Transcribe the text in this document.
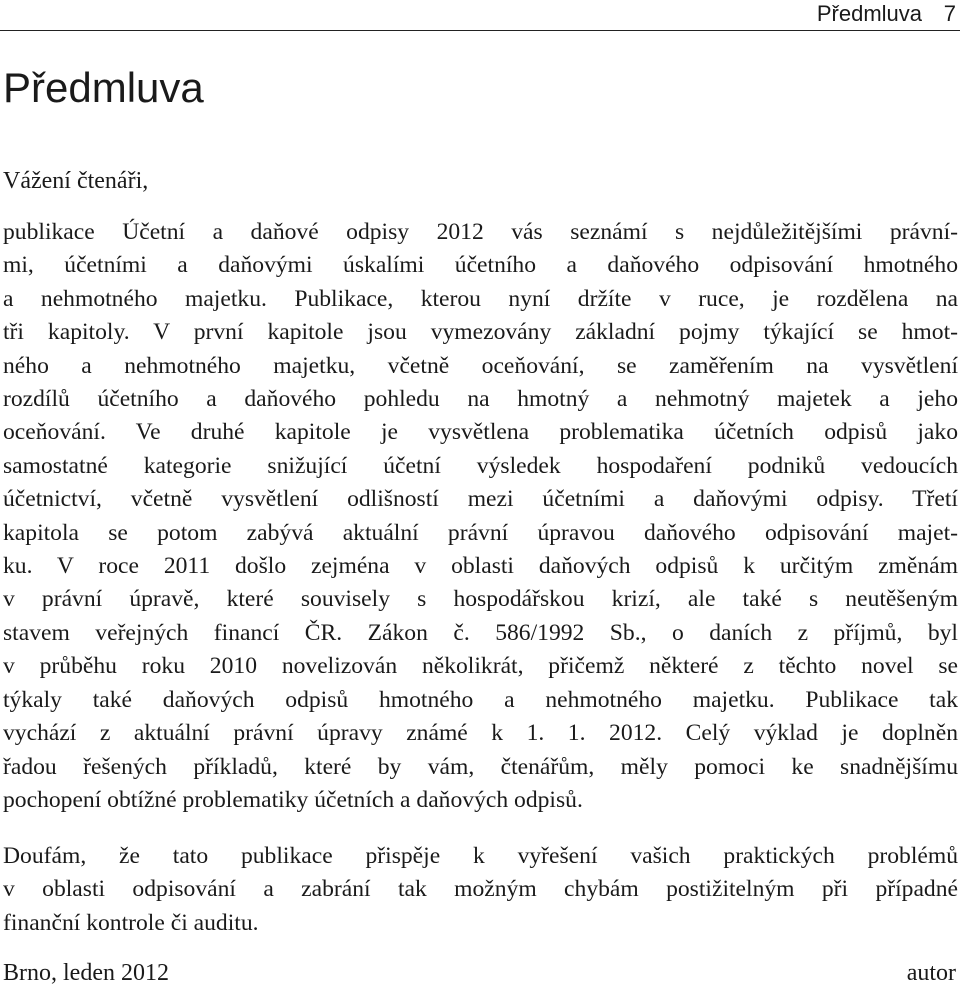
Předmluva 7
Předmluva
Vážení čtenáři,
publikace Účetní a daňové odpisy 2012 vás seznámí s nejdůležitějšími právní-
mi, účetními a daňovými úskalími účetního a daňového odpisování hmotného
a nehmotného majetku. Publikace, kterou nyní držíte v ruce, je rozdělena na
tři kapitoly. V první kapitole jsou vymezovány základní pojmy týkající se hmot-
ného a nehmotného majetku, včetně oceňování, se zaměřením na vysvětlení
rozdílů účetního a daňového pohledu na hmotný a nehmotný majetek a jeho
oceňování. Ve druhé kapitole je vysvětlena problematika účetních odpisů jako
samostatné kategorie snižující účetní výsledek hospodaření podniků vedoucích
účetnictví, včetně vysvětlení odlišností mezi účetními a daňovými odpisy. Třetí
kapitola se potom zabývá aktuální právní úpravou daňového odpisování majet-
ku. V roce 2011 došlo zejména v oblasti daňových odpisů k určitým změnám
v právní úpravě, které souvisely s hospodářskou krizí, ale také s neutěšeným
stavem veřejných financí ČR. Zákon č. 586/1992 Sb., o daních z příjmů, byl
v průběhu roku 2010 novelizován několikrát, přičemž některé z těchto novel se
týkaly také daňových odpisů hmotného a nehmotného majetku. Publikace tak
vychází z aktuální právní úpravy známé k 1. 1. 2012. Celý výklad je doplněn
řadou řešených příkladů, které by vám, čtenářům, měly pomoci ke snadnějšímu
pochopení obtížné problematiky účetních a daňových odpisů.
Doufám, že tato publikace přispěje k vyřešení vašich praktických problémů
v oblasti odpisování a zabrání tak možným chybám postižitelným při případné
finanční kontrole či auditu.
Brno, leden 2012	autor
